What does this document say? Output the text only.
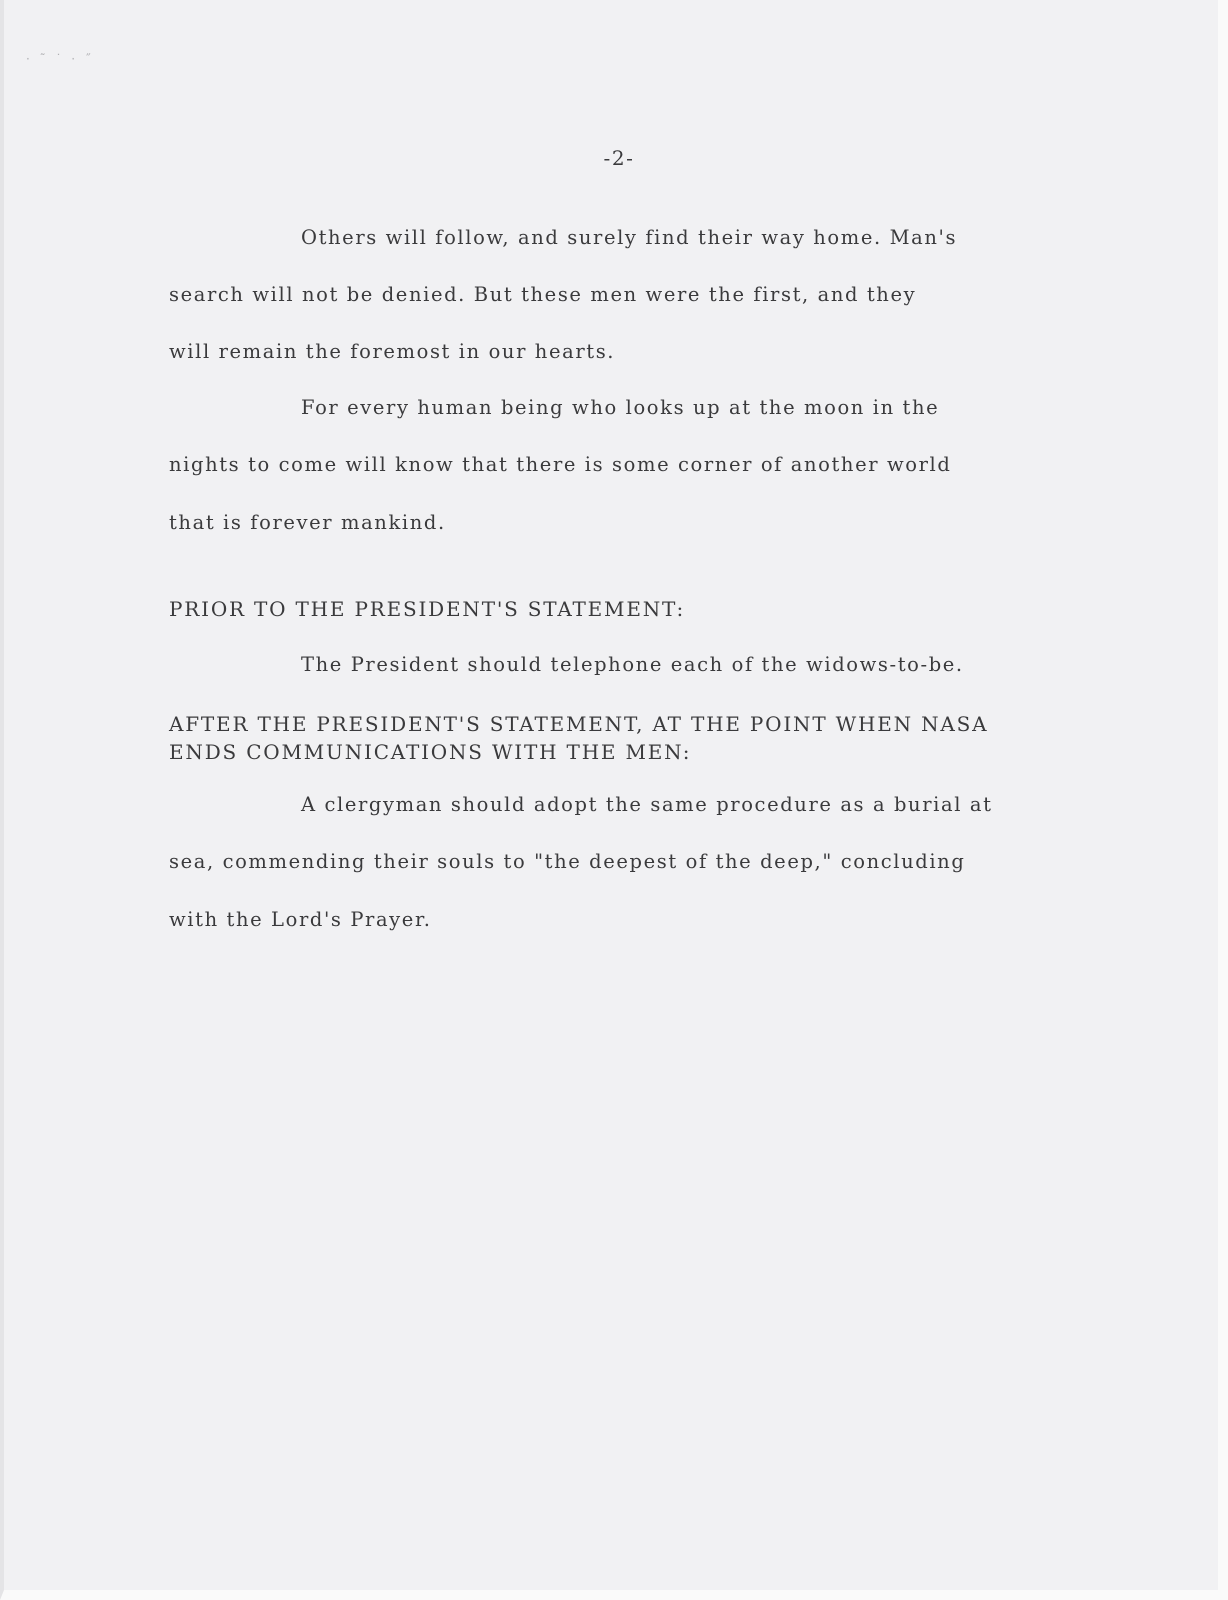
· ˜ ˙ · ˝
-2-
Others will follow, and surely find their way home. Man's
search will not be denied. But these men were the first, and they
will remain the foremost in our hearts.
For every human being who looks up at the moon in the
nights to come will know that there is some corner of another world
that is forever mankind.
PRIOR TO THE PRESIDENT'S STATEMENT:
The President should telephone each of the widows-to-be.
AFTER THE PRESIDENT'S STATEMENT, AT THE POINT WHEN NASA
ENDS COMMUNICATIONS WITH THE MEN:
A clergyman should adopt the same procedure as a burial at
sea, commending their souls to "the deepest of the deep," concluding
with the Lord's Prayer.
